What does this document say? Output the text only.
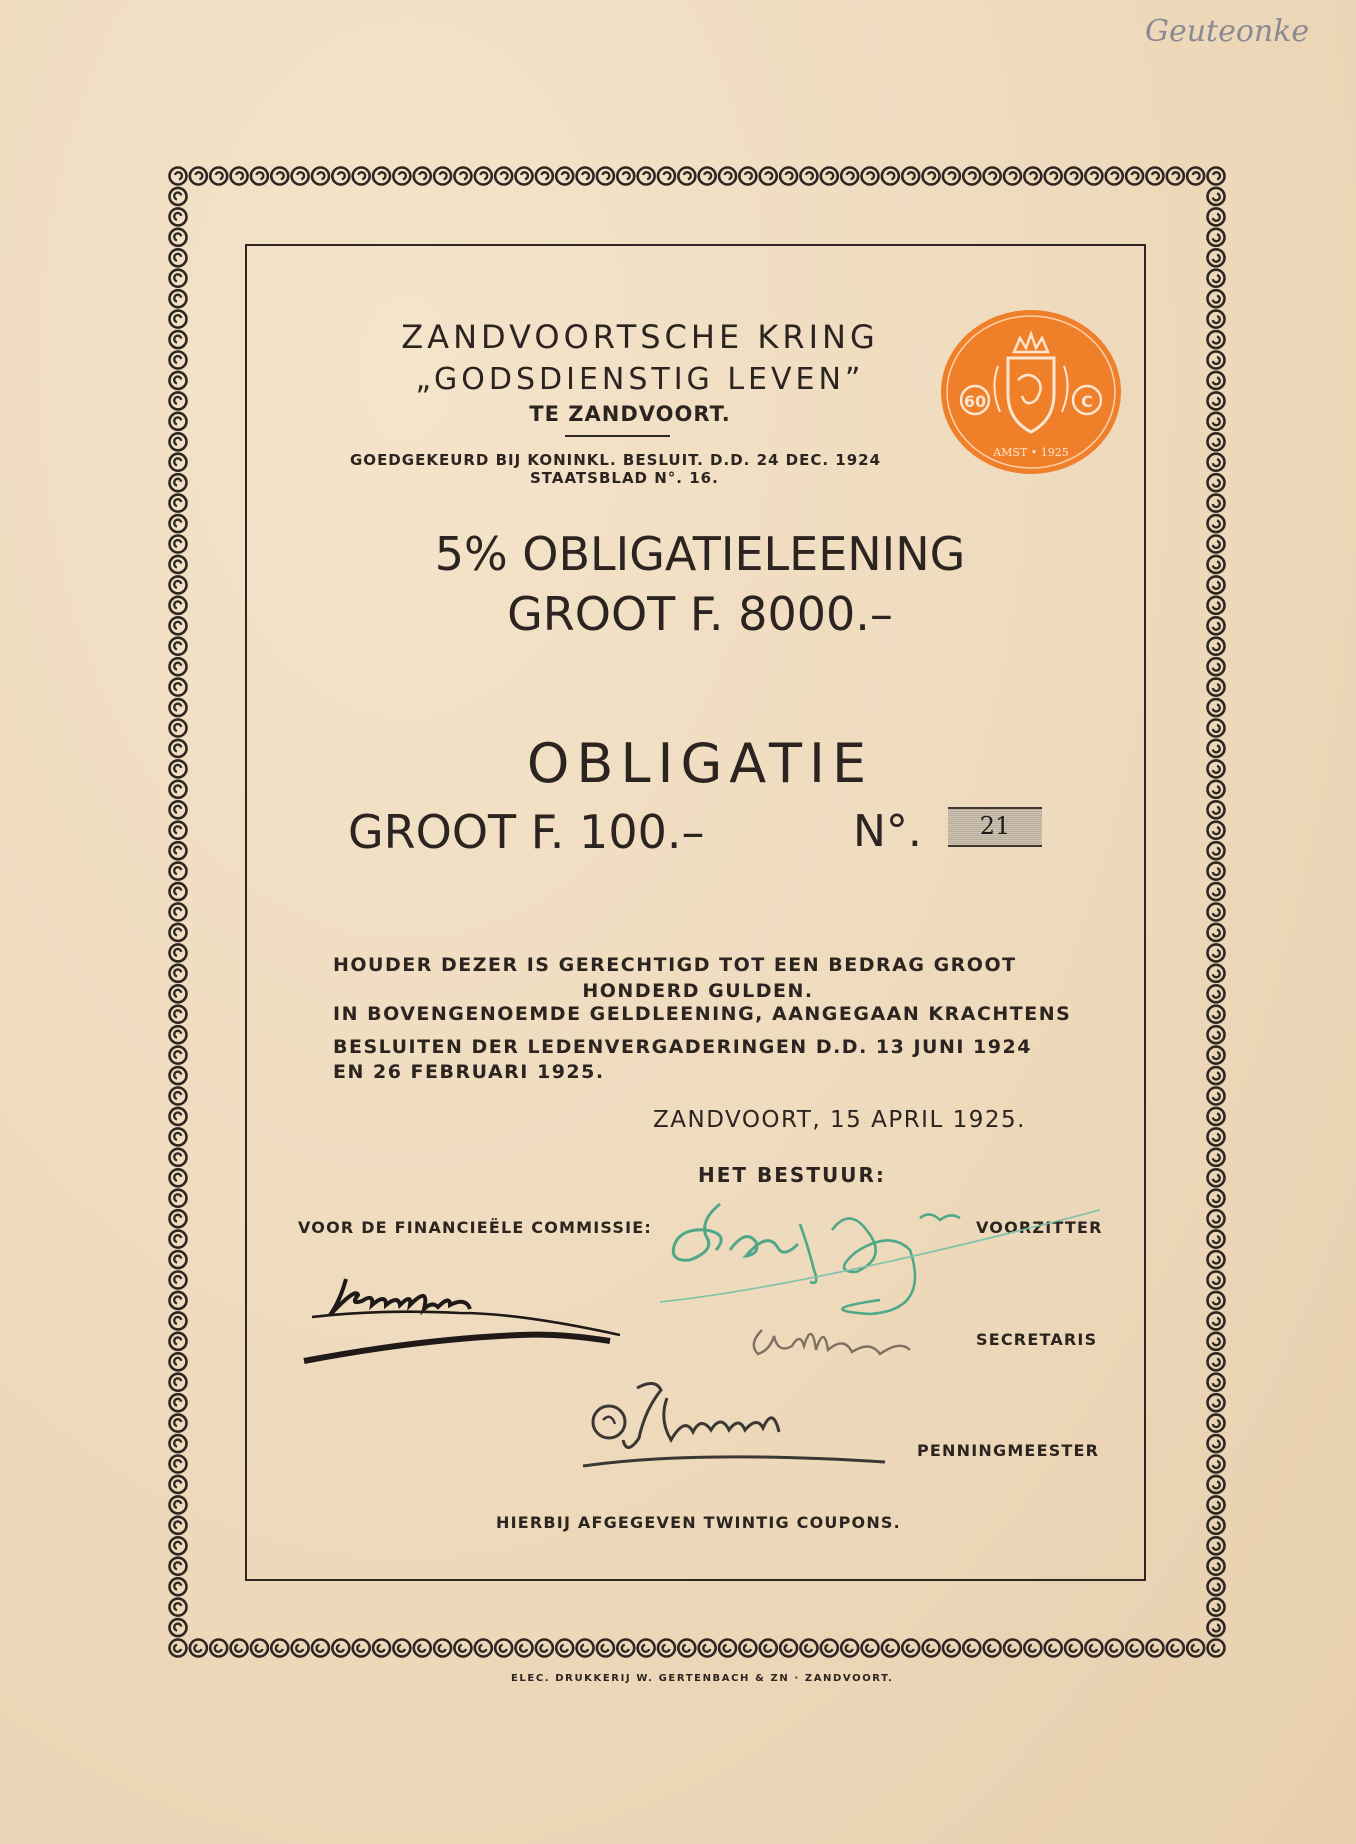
Geuteonke
ZANDVOORTSCHE KRING
„GODSDIENSTIG LEVEN”
TE ZANDVOORT.
GOEDGEKEURD BIJ KONINKL. BESLUIT. D.D. 24 DEC. 1924
STAATSBLAD N°. 16.
60	C
AMST • 1925
5% OBLIGATIELEENING
GROOT F. 8000.–
OBLIGATIE
GROOT F. 100.–	N°.	21
HOUDER DEZER IS GERECHTIGD TOT EEN BEDRAG GROOT
HONDERD GULDEN.
IN BOVENGENOEMDE GELDLEENING, AANGEGAAN KRACHTENS
BESLUITEN DER LEDENVERGADERINGEN D.D. 13 JUNI 1924
EN 26 FEBRUARI 1925.
ZANDVOORT, 15 APRIL 1925.
HET BESTUUR:
VOOR DE FINANCIEËLE COMMISSIE:	VOORZITTER
SECRETARIS
PENNINGMEESTER
HIERBIJ AFGEGEVEN TWINTIG COUPONS.
ELEC. DRUKKERIJ W. GERTENBACH & ZN · ZANDVOORT.
